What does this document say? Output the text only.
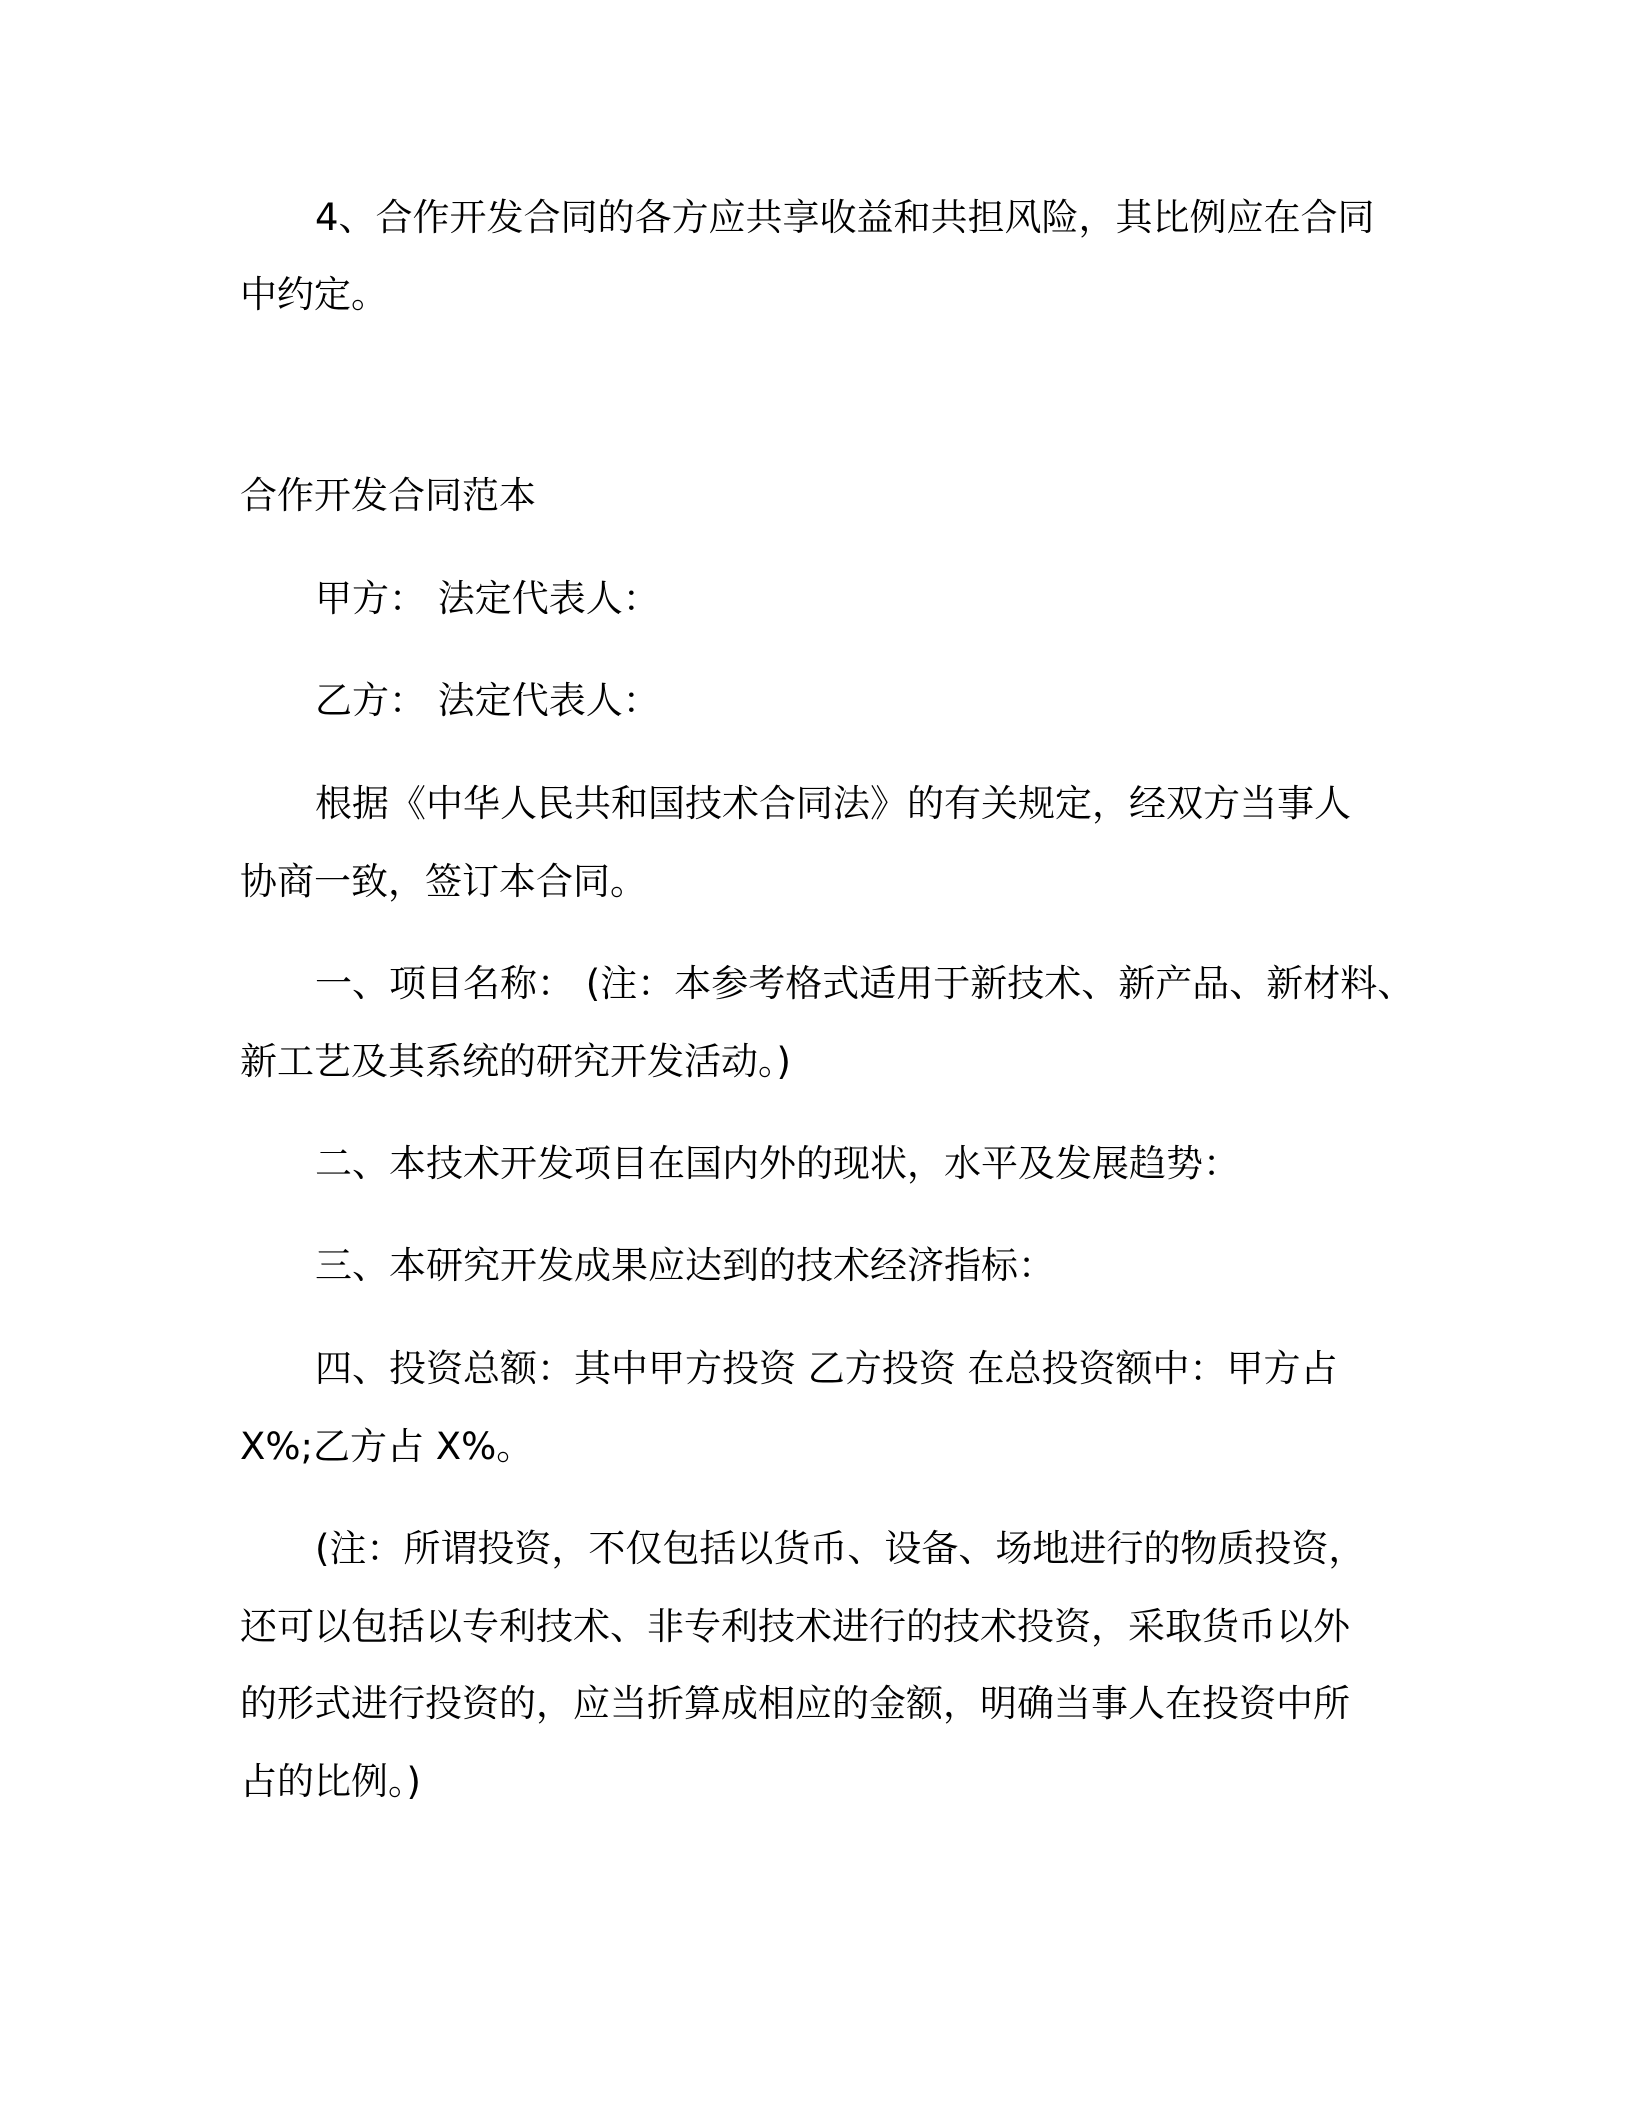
4、合作开发合同的各方应共享收益和共担风险，其比例应在合同
中约定。
合作开发合同范本
甲方： 法定代表人：
乙方： 法定代表人：
根据《中华人民共和国技术合同法》的有关规定，经双方当事人
协商一致，签订本合同。
一、项目名称： (注：本参考格式适用于新技术、新产品、新材料、
新工艺及其系统的研究开发活动。)
二、本技术开发项目在国内外的现状，水平及发展趋势：
三、本研究开发成果应达到的技术经济指标：
四、投资总额：其中甲方投资 乙方投资 在总投资额中：甲方占
X%;乙方占 X%。
(注：所谓投资，不仅包括以货币、设备、场地进行的物质投资，
还可以包括以专利技术、非专利技术进行的技术投资，采取货币以外
的形式进行投资的，应当折算成相应的金额，明确当事人在投资中所
占的比例。)
